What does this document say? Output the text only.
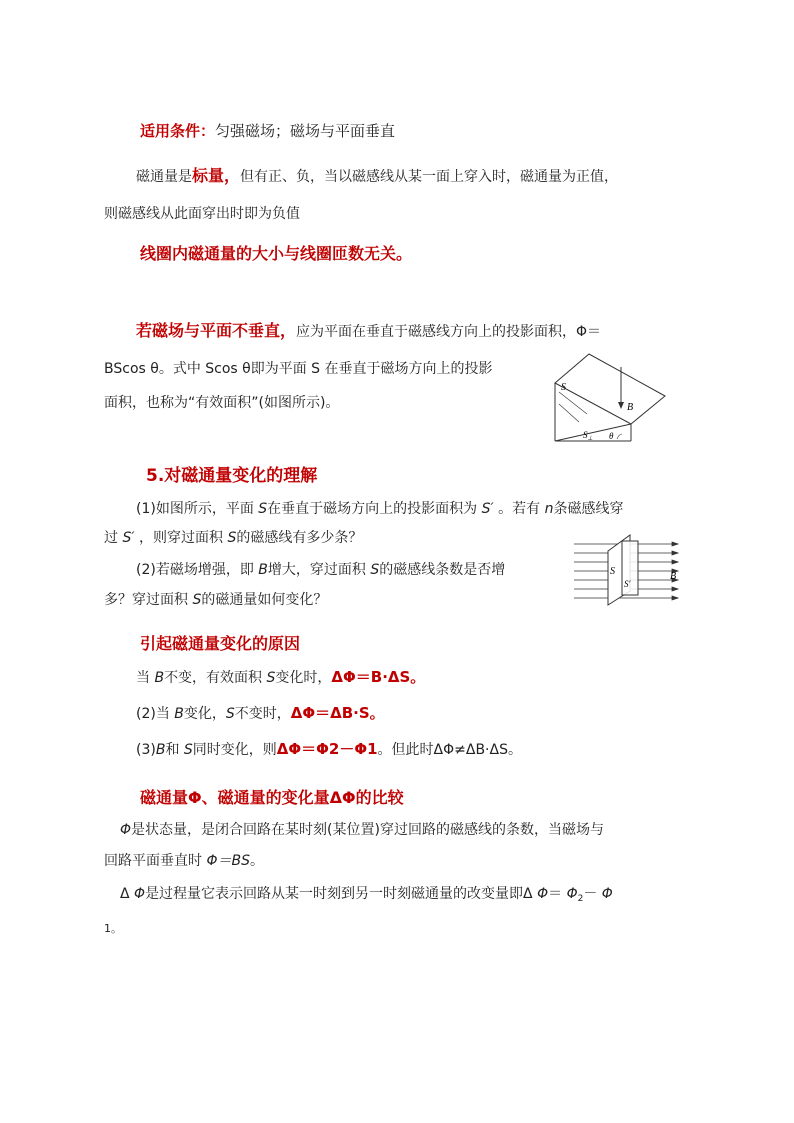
适用条件：匀强磁场；磁场与平面垂直
磁通量是标量，但有正、负，当以磁感线从某一面上穿入时，磁通量为正值，
则磁感线从此面穿出时即为负值
线圈内磁通量的大小与线圈匝数无关。
若磁场与平面不垂直，应为平面在垂直于磁感线方向上的投影面积，Φ＝
BScos θ。式中 Scos θ即为平面 S 在垂直于磁场方向上的投影
面积，也称为“有效面积”(如图所示)。
S
B
$S_\perp$ θ
5.对磁通量变化的理解
(1)如图所示，平面 S在垂直于磁场方向上的投影面积为 S′ 。若有 n条磁感线穿
过 S′ ，则穿过面积 S的磁感线有多少条？
(2)若磁场增强，即 B增大，穿过面积 S的磁感线条数是否增
多？穿过面积 S的磁通量如何变化？
S
S′
B
引起磁通量变化的原因
当 B不变，有效面积 S变化时，ΔΦ＝B·ΔS。
(2)当 B变化，S不变时，ΔΦ＝ΔB·S。
(3)B和 S同时变化，则ΔΦ＝Φ2－Φ1。但此时ΔΦ≠ΔB·ΔS。
磁通量Φ、磁通量的变化量ΔΦ的比较
Φ是状态量，是闭合回路在某时刻(某位置)穿过回路的磁感线的条数，当磁场与
回路平面垂直时 Φ＝BS。
Δ Φ是过程量它表示回路从某一时刻到另一时刻磁通量的改变量即Δ $\Phi= \Phi_2- \Phi$
1。
